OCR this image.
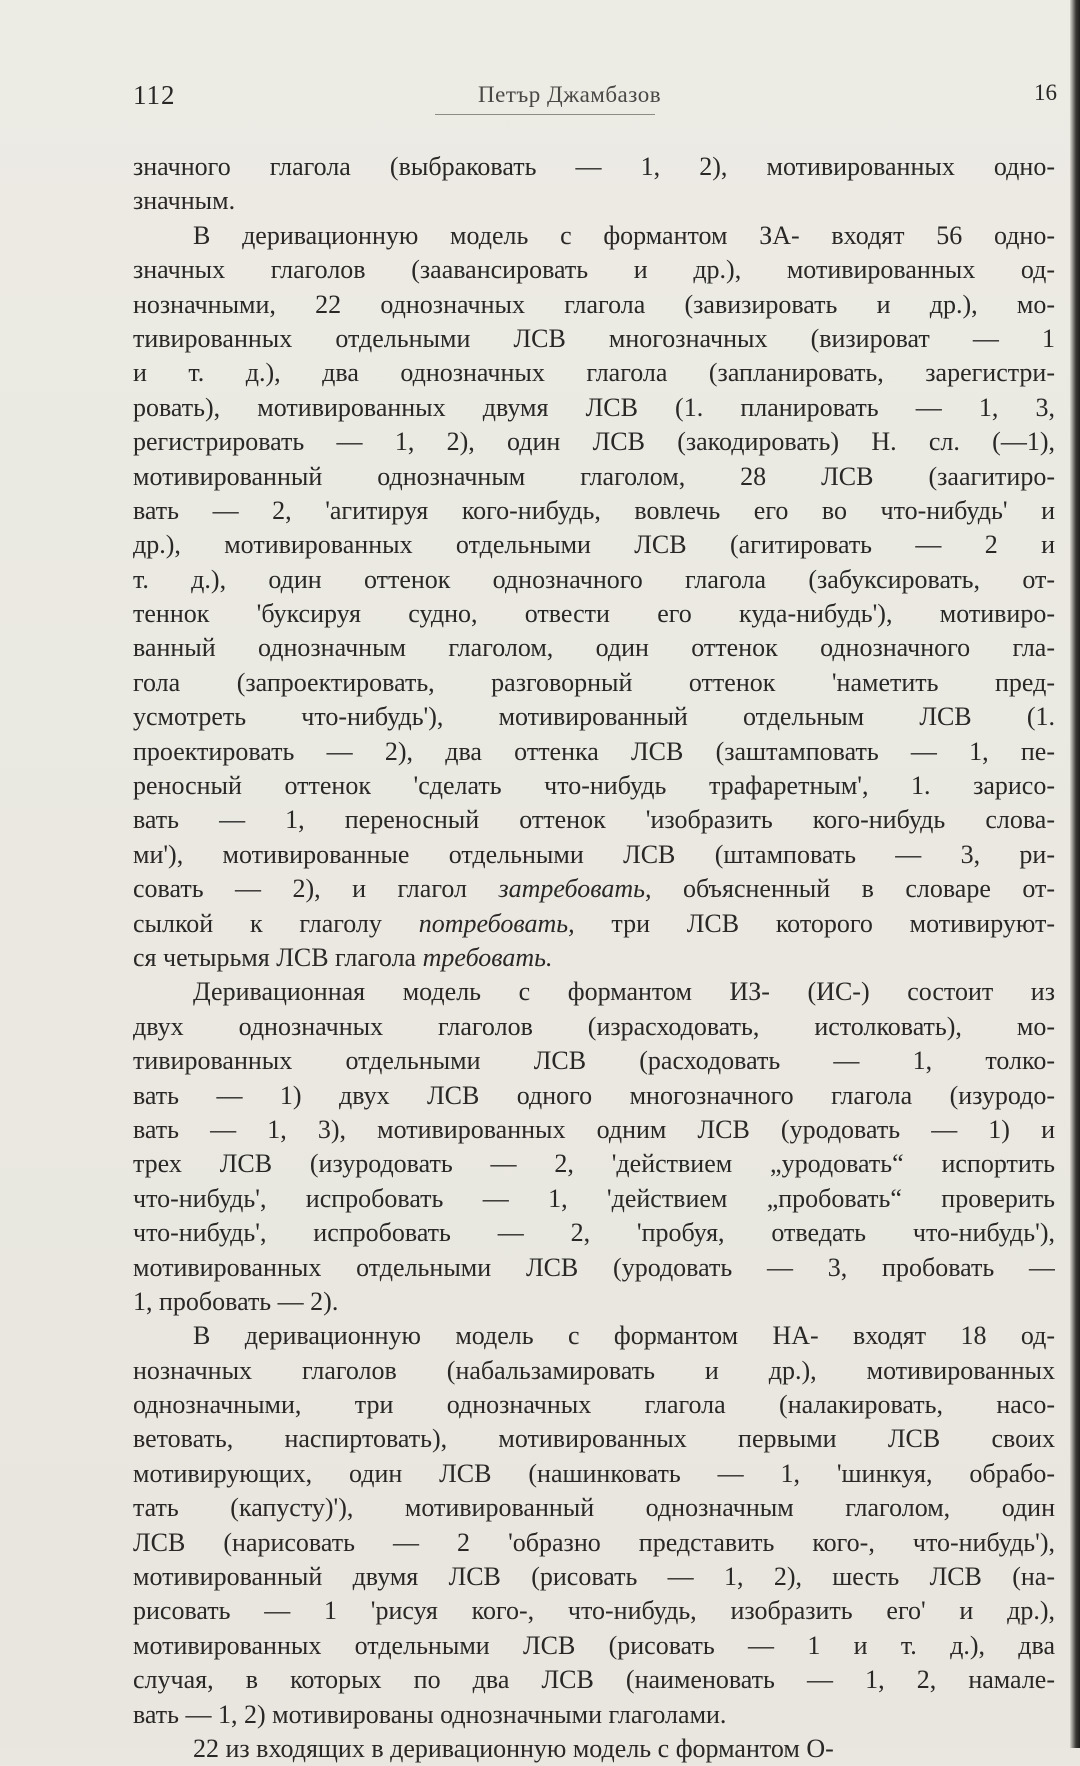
112	Петър Джамбазов	16
значного глагола (выбраковать — 1, 2), мотивированных одно-
значным.
В деривационную модель с формантом ЗА- входят 56 одно-
значных глаголов (заавансировать и др.), мотивированных од-
нозначными, 22 однозначных глагола (завизировать и др.), мо-
тивированных отдельными ЛСВ многозначных (визироват — 1
и т. д.), два однозначных глагола (запланировать, зарегистри-
ровать), мотивированных двумя ЛСВ (1. планировать — 1, 3,
регистрировать — 1, 2), один ЛСВ (закодировать) Н. сл. (—1),
мотивированный однозначным глаголом, 28 ЛСВ (заагитиро-
вать — 2, 'агитируя кого-нибудь, вовлечь его во что-нибудь' и
др.), мотивированных отдельными ЛСВ (агитировать — 2 и
т. д.), один оттенок однозначного глагола (забуксировать, от-
теннок 'буксируя судно, отвести его куда-нибудь'), мотивиро-
ванный однозначным глаголом, один оттенок однозначного гла-
гола (запроектировать, разговорный оттенок 'наметить пред-
усмотреть что-нибудь'), мотивированный отдельным ЛСВ (1.
проектировать — 2), два оттенка ЛСВ (заштамповать — 1, пе-
реносный оттенок 'сделать что-нибудь трафаретным', 1. зарисо-
вать — 1, переносный оттенок 'изобразить кого-нибудь слова-
ми'), мотивированные отдельными ЛСВ (штамповать — 3, ри-
совать — 2), и глагол затребовать, объясненный в словаре от-
сылкой к глаголу потребовать, три ЛСВ которого мотивируют-
ся четырьмя ЛСВ глагола требовать.
Деривационная модель с формантом ИЗ- (ИС-) состоит из
двух однозначных глаголов (израсходовать, истолковать), мо-
тивированных отдельными ЛСВ (расходовать — 1, толко-
вать — 1) двух ЛСВ одного многозначного глагола (изуродо-
вать — 1, 3), мотивированных одним ЛСВ (уродовать — 1) и
трех ЛСВ (изуродовать — 2, 'действием „уродовать“ испортить
что-нибудь', испробовать — 1, 'действием „пробовать“ проверить
что-нибудь', испробовать — 2, 'пробуя, отведать что-нибудь'),
мотивированных отдельными ЛСВ (уродовать — 3, пробовать —
1, пробовать — 2).
В деривационную модель с формантом НА- входят 18 од-
нозначных глаголов (набальзамировать и др.), мотивированных
однозначными, три однозначных глагола (налакировать, насо-
ветовать, наспиртовать), мотивированных первыми ЛСВ своих
мотивирующих, один ЛСВ (нашинковать — 1, 'шинкуя, обрабо-
тать (капусту)'), мотивированный однозначным глаголом, один
ЛСВ (нарисовать — 2 'образно представить кого-, что-нибудь'),
мотивированный двумя ЛСВ (рисовать — 1, 2), шесть ЛСВ (на-
рисовать — 1 'рисуя кого-, что-нибудь, изобразить его' и др.),
мотивированных отдельными ЛСВ (рисовать — 1 и т. д.), два
случая, в которых по два ЛСВ (наименовать — 1, 2, намале-
вать — 1, 2) мотивированы однозначными глаголами.
22 из входящих в деривационную модель с формантом О-
